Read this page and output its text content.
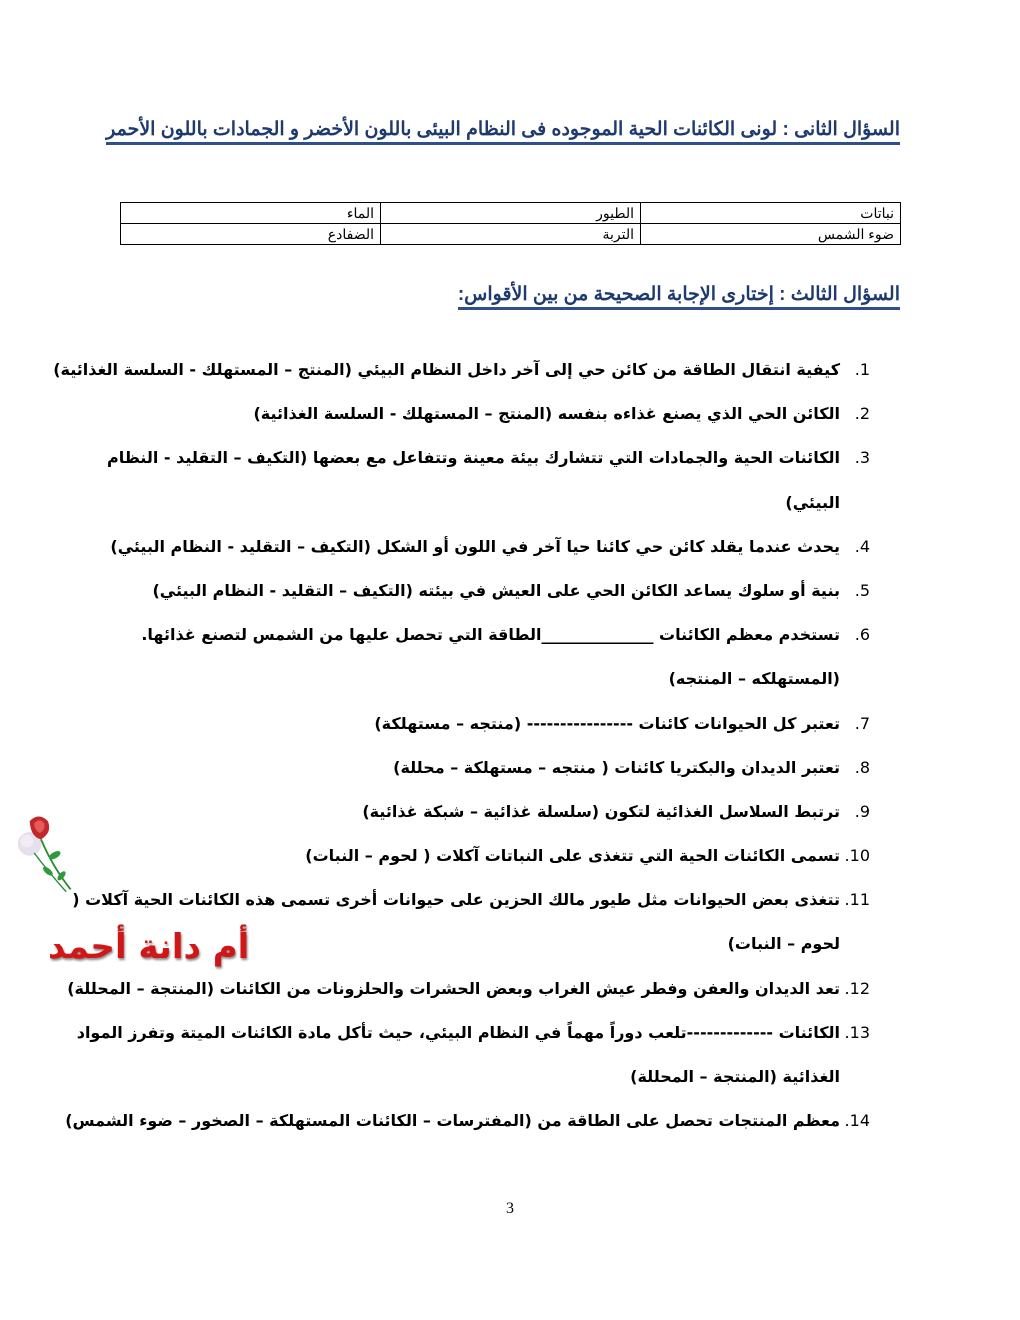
السؤال الثانى : لونى الكائنات الحية الموجوده فى النظام البيئى باللون الأخضر و الجمادات باللون الأحمر
نباتات	الطيور	الماء
ضوء الشمس	التربة	الضفادع
السؤال الثالث : إختارى الإجابة الصحيحة من بين الأقواس:
1.
كيفية انتقال الطاقة من كائن حي إلى آخر داخل النظام البيئي (المنتج – المستهلك - السلسة الغذائية)
2.
الكائن الحي الذي يصنع غذاءه بنفسه (المنتج – المستهلك - السلسة الغذائية)
3.
الكائنات الحية والجمادات التي تتشارك بيئة معينة وتتفاعل مع بعضها (التكيف – التقليد - النظام
البيئي)
4.
يحدث عندما يقلد كائن حي كائنا حيا آخر في اللون أو الشكل (التكيف – التقليد - النظام البيئي)
5.
بنية أو سلوك يساعد الكائن الحي على العيش في بيئته (التكيف – التقليد - النظام البيئي)
6.
تستخدم معظم الكائنات ______________الطاقة التي تحصل عليها من الشمس لتصنع غذائها.
(المستهلكه – المنتجه)
7.
تعتبر كل الحيوانات كائنات ---------------- (منتجه – مستهلكة)
8.
تعتبر الديدان والبكتريا كائنات ( منتجه – مستهلكة – محللة)
9.
ترتبط السلاسل الغذائية لتكون (سلسلة غذائية – شبكة غذائية)
10.
تسمى الكائنات الحية التي تتغذى على النباتات آكلات ( لحوم – النبات)
11.
تتغذى بعض الحيوانات مثل طيور مالك الحزين على حيوانات أخرى تسمى هذه الكائنات الحية آكلات (
لحوم – النبات)
12.
تعد الديدان والعفن وفطر عيش الغراب وبعض الحشرات والحلزونات من الكائنات (المنتجة – المحللة)
13.
الكائنات -------------تلعب دوراً مهماً في النظام البيئي، حيث تأكل مادة الكائنات الميتة وتفرز المواد
الغذائية (المنتجة – المحللة)
14.
معظم المنتجات تحصل على الطاقة من (المفترسات – الكائنات المستهلكة – الصخور – ضوء الشمس)
أم دانة أحمد
3
